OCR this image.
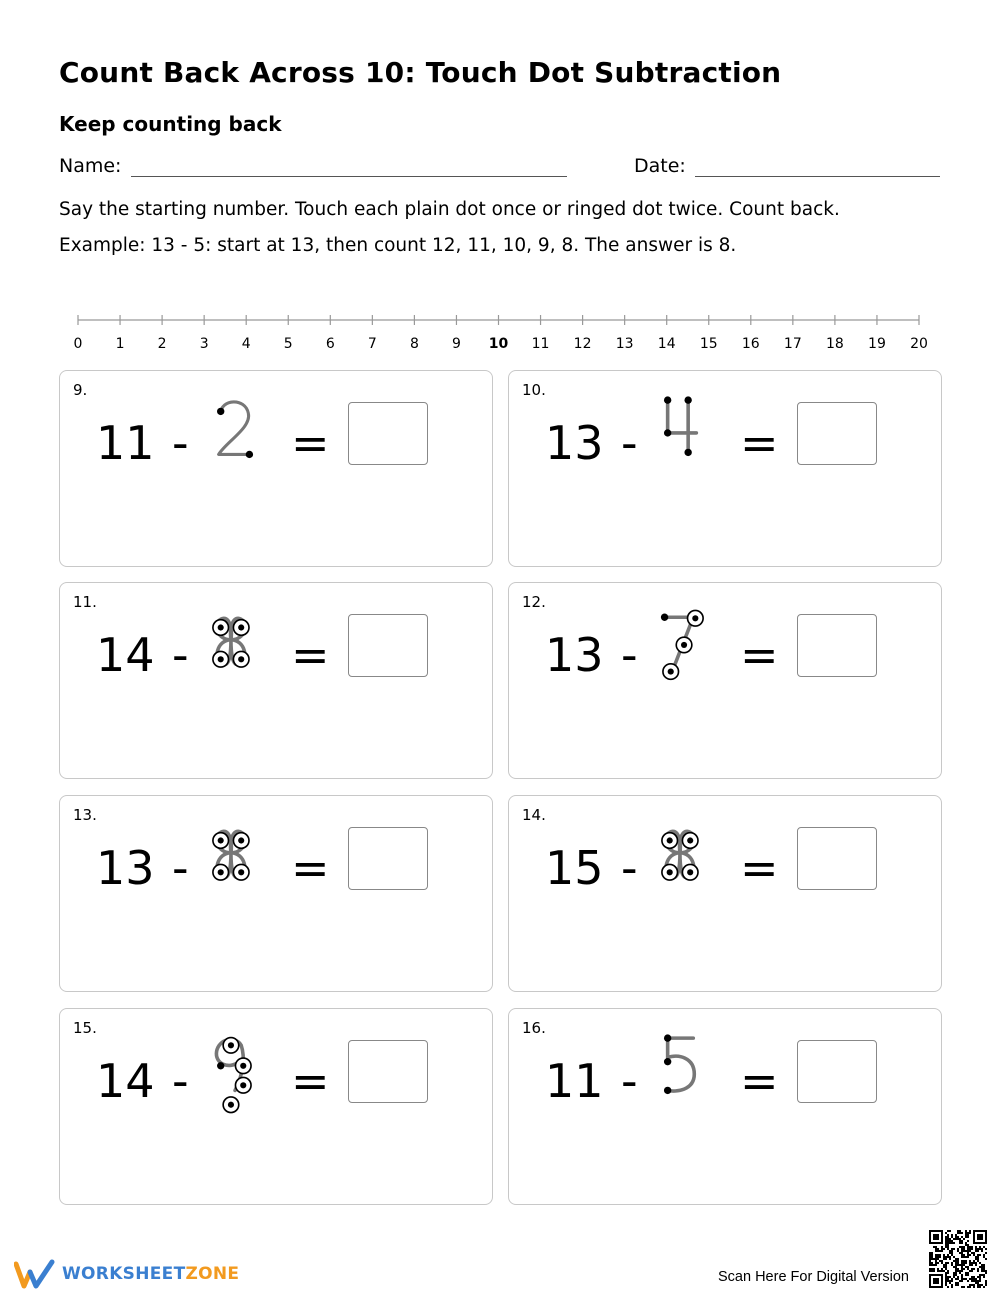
Count Back Across 10: Touch Dot Subtraction
Keep counting back
Name:	Date:
Say the starting number. Touch each plain dot once or ringed dot twice. Count back.
Example: 13 - 5: start at 13, then count 12, 11, 10, 9, 8. The answer is 8.
0 1 2 3 4 5 6 7 8 9 10 11 12 13 14 15 16 17 18 19 20
9.
11 - =
10.
13 - =
11.
14 - =
12.
13 - =
13.
13 - =
14.
15 - =
15.
14 - =
16.
11 - =
WORKSHEETZONE	Scan Here For Digital Version
